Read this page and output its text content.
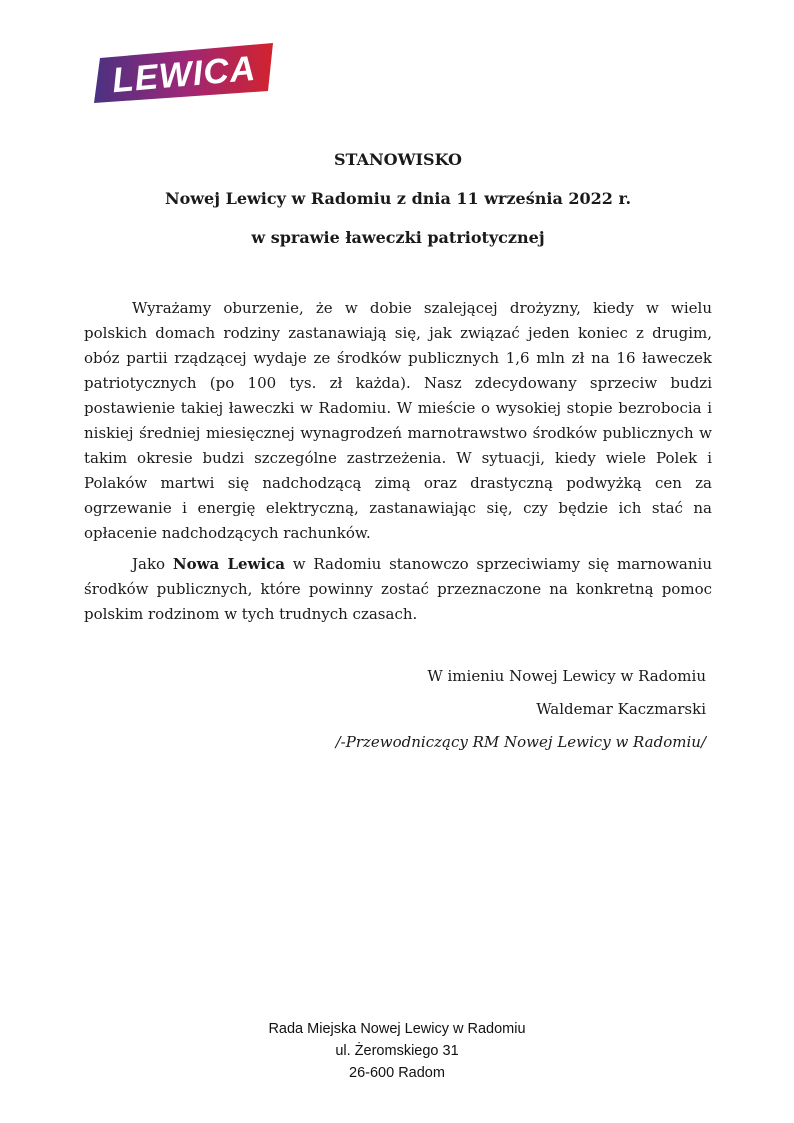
LEWICA
STANOWISKO
Nowej Lewicy w Radomiu z dnia 11 września 2022 r.
w sprawie ławeczki patriotycznej

Wyrażamy oburzenie, że w dobie szalejącej drożyzny, kiedy w wielu polskich domach rodziny zastanawiają się, jak związać jeden koniec z drugim, obóz partii rządzącej wydaje ze środków publicznych 1,6 mln zł na 16 ławeczek patriotycznych (po 100 tys. zł każda). Nasz zdecydowany sprzeciw budzi postawienie takiej ławeczki w Radomiu. W mieście o wysokiej stopie bezrobocia i niskiej średniej miesięcznej wynagrodzeń marnotrawstwo środków publicznych w takim okresie budzi szczególne zastrzeżenia. W sytuacji, kiedy wiele Polek i Polaków martwi się nadchodzącą zimą oraz drastyczną podwyżką cen za ogrzewanie i energię elektryczną, zastanawiając się, czy będzie ich stać na opłacenie nadchodzących rachunków.

Jako Nowa Lewica w Radomiu stanowczo sprzeciwiamy się marnowaniu środków publicznych, które powinny zostać przeznaczone na konkretną pomoc polskim rodzinom w tych trudnych czasach.

W imieniu Nowej Lewicy w Radomiu
Waldemar Kaczmarski
/-Przewodniczący RM Nowej Lewicy w Radomiu/
Rada Miejska Nowej Lewicy w Radomiu
ul. Żeromskiego 31
26-600 Radom
